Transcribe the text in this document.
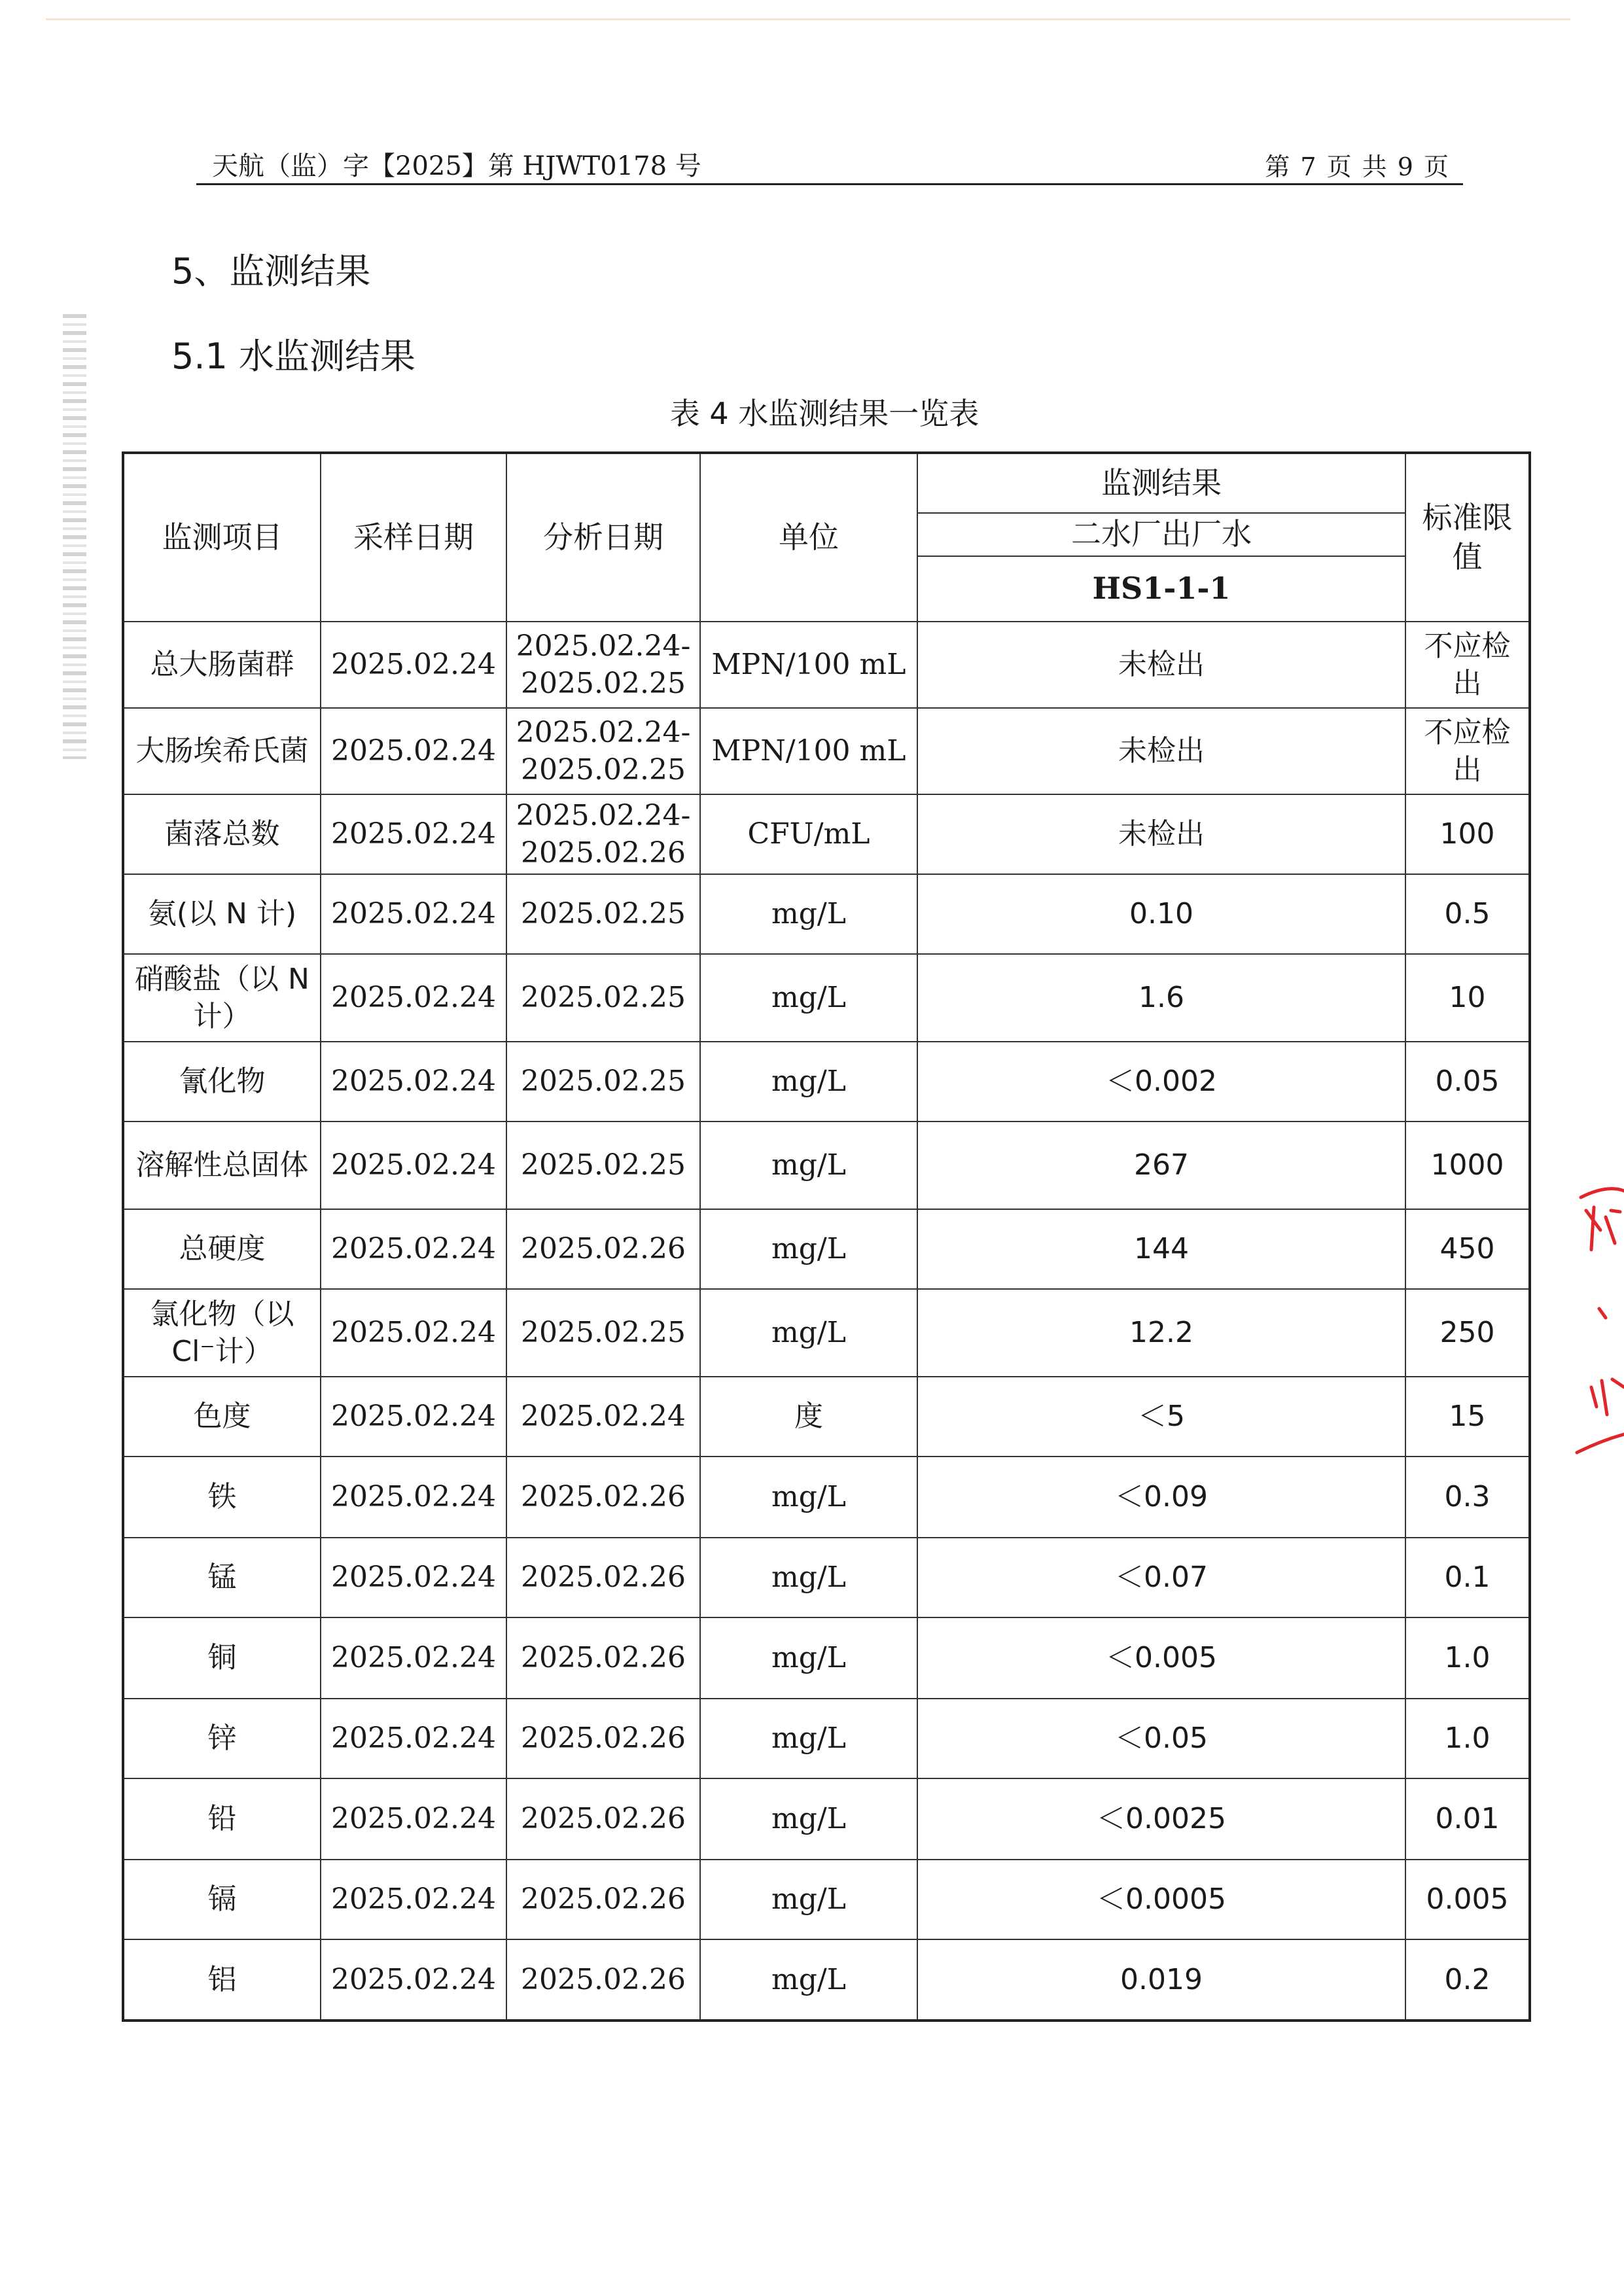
天航（监）字【2025】第 HJWT0178 号	第 7 页 共 9 页
5、监测结果
5.1 水监测结果
表 4 水监测结果一览表
监测项目	采样日期	分析日期	单位	监测结果	标准限值
				二水厂出厂水	
				HS1-1-1	
总大肠菌群	2025.02.24	2025.02.24-2025.02.25	MPN/100 mL	未检出	不应检出
大肠埃希氏菌	2025.02.24	2025.02.24-2025.02.25	MPN/100 mL	未检出	不应检出
菌落总数	2025.02.24	2025.02.24-2025.02.26	CFU/mL	未检出	100
氨(以 N 计)	2025.02.24	2025.02.25	mg/L	0.10	0.5
硝酸盐（以 N 计）	2025.02.24	2025.02.25	mg/L	1.6	10
氰化物	2025.02.24	2025.02.25	mg/L	＜0.002	0.05
溶解性总固体	2025.02.24	2025.02.25	mg/L	267	1000
总硬度	2025.02.24	2025.02.26	mg/L	144	450
氯化物（以 Cl⁻计）	2025.02.24	2025.02.25	mg/L	12.2	250
色度	2025.02.24	2025.02.24	度	＜5	15
铁	2025.02.24	2025.02.26	mg/L	＜0.09	0.3
锰	2025.02.24	2025.02.26	mg/L	＜0.07	0.1
铜	2025.02.24	2025.02.26	mg/L	＜0.005	1.0
锌	2025.02.24	2025.02.26	mg/L	＜0.05	1.0
铅	2025.02.24	2025.02.26	mg/L	＜0.0025	0.01
镉	2025.02.24	2025.02.26	mg/L	＜0.0005	0.005
铝	2025.02.24	2025.02.26	mg/L	0.019	0.2
